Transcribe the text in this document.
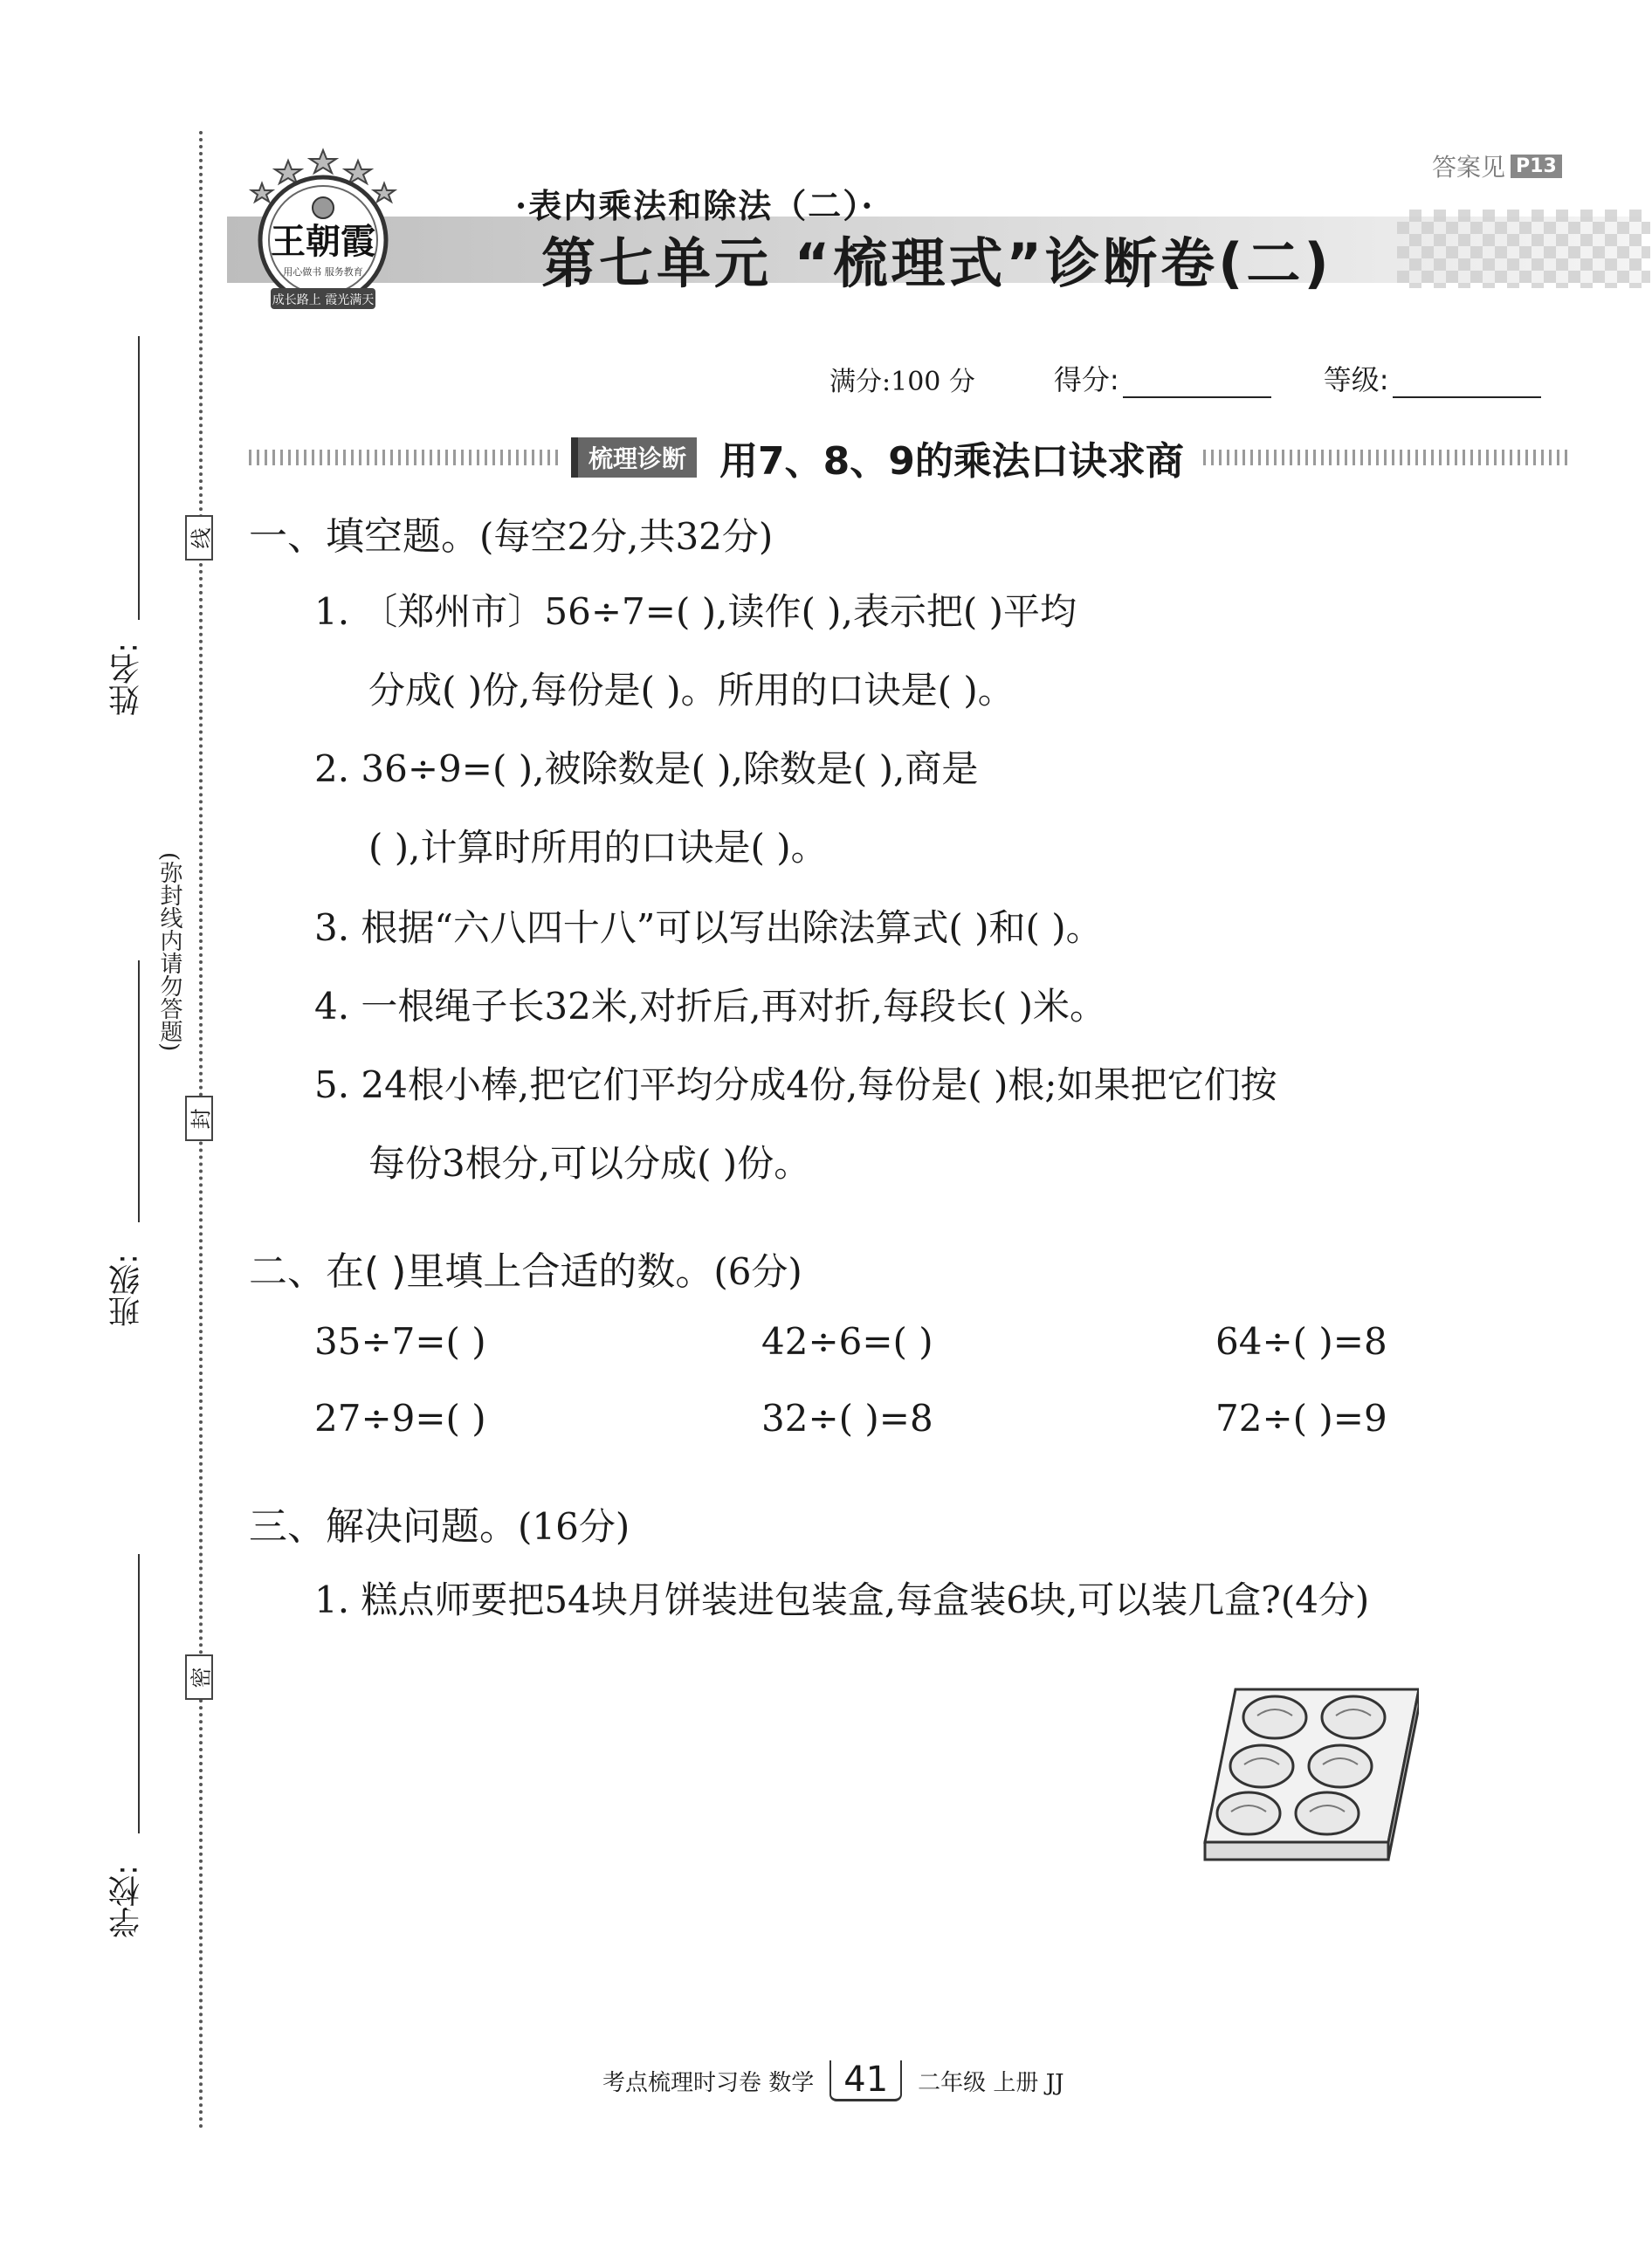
线
封
密
(弥封线内请勿答题)
姓名:
班级:
学校:
王朝霞
用心做书 服务教育
成长路上 霞光满天
答案见 P13
·表内乘法和除法（二）·
第七单元 “梳理式”诊断卷(二)
满分:100 分	得分:	等级:
梳理诊断 用7、8、9的乘法口诀求商
一、填空题。(每空2分,共32分)
1. 〔郑州市〕56÷7=( ),读作( ),表示把( )平均
分成( )份,每份是( )。所用的口诀是( )。
2. 36÷9=( ),被除数是( ),除数是( ),商是
( ),计算时所用的口诀是( )。
3. 根据“六八四十八”可以写出除法算式( )和( )。
4. 一根绳子长32米,对折后,再对折,每段长( )米。
5. 24根小棒,把它们平均分成4份,每份是( )根;如果把它们按
每份3根分,可以分成( )份。
二、在( )里填上合适的数。(6分)
35÷7=( )	42÷6=( )	64÷( )=8
27÷9=( )	32÷( )=8	72÷( )=9
三、解决问题。(16分)
1. 糕点师要把54块月饼装进包装盒,每盒装6块,可以装几盒?(4分)
考点梳理时习卷 数学 41	二年级 上册 JJ
